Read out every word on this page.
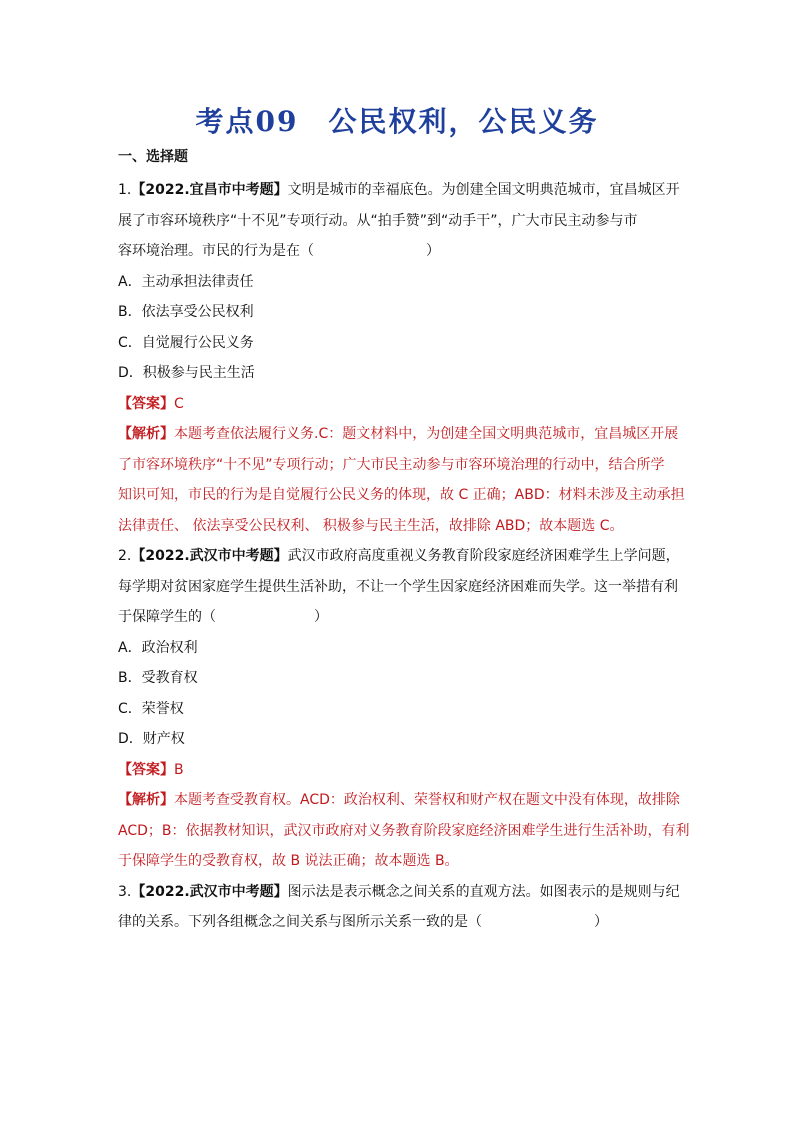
考点09　公民权利，公民义务
一、选择题
1.【2022.宜昌市中考题】文明是城市的幸福底色。为创建全国文明典范城市，宜昌城区开
展了市容环境秩序“十不见”专项行动。从“拍手赞”到“动手干”，广大市民主动参与市
容环境治理。市民的行为是在（　　　　　　　　）
A．主动承担法律责任
B．依法享受公民权利
C．自觉履行公民义务
D．积极参与民主生活
【答案】C
【解析】本题考查依法履行义务.C：题文材料中，为创建全国文明典范城市，宜昌城区开展
了市容环境秩序“十不见”专项行动；广大市民主动参与市容环境治理的行动中，结合所学
知识可知，市民的行为是自觉履行公民义务的体现，故 C 正确；ABD：材料未涉及主动承担
法律责任、 依法享受公民权利、 积极参与民主生活，故排除 ABD；故本题选 C。
2.【2022.武汉市中考题】武汉市政府高度重视义务教育阶段家庭经济困难学生上学问题，
每学期对贫困家庭学生提供生活补助，不让一个学生因家庭经济困难而失学。这一举措有利
于保障学生的（　　　　　　　）
A．政治权利
B．受教育权
C．荣誉权
D．财产权
【答案】B
【解析】本题考查受教育权。ACD：政治权利、荣誉权和财产权在题文中没有体现，故排除
ACD；B：依据教材知识，武汉市政府对义务教育阶段家庭经济困难学生进行生活补助，有利
于保障学生的受教育权，故 B 说法正确；故本题选 B。
3.【2022.武汉市中考题】图示法是表示概念之间关系的直观方法。如图表示的是规则与纪
律的关系。下列各组概念之间关系与图所示关系一致的是（　　　　　　　　）
